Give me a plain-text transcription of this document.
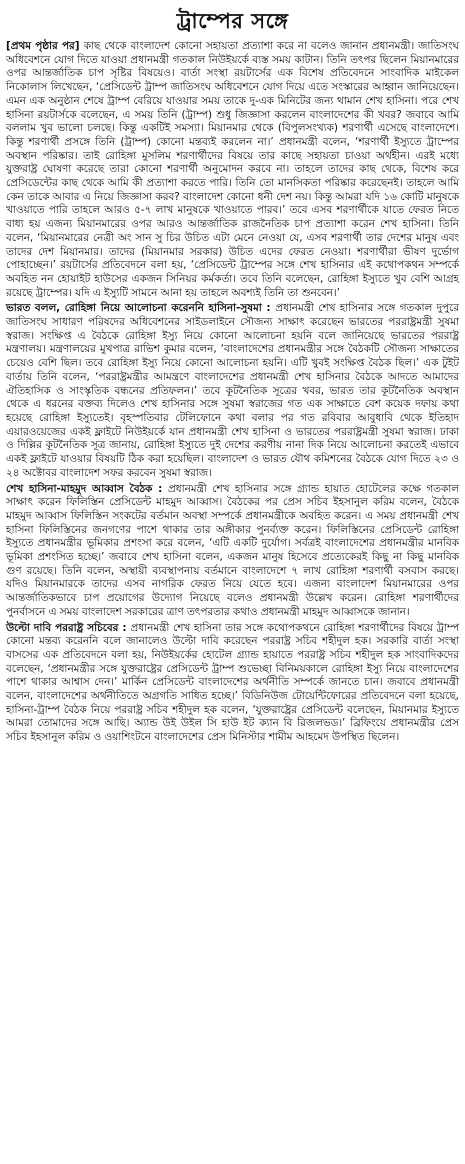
ট্রাম্পের সঙ্গে

[প্রথম পৃষ্ঠার পর] কাছ থেকে বাংলাদেশ কোনো সহায়তা প্রত্যাশা করে না বলেও জানান প্রধানমন্ত্রী। জাতিসংঘ অধিবেশনে যোগ দিতে যাওয়া প্রধানমন্ত্রী গতকাল নিউইয়র্কে ব্যস্ত সময় কাটান। তিনি তৎপর ছিলেন মিয়ানমারের ওপর আন্তর্জাতিক চাপ সৃষ্টির বিষয়েও। বার্তা সংস্থা রয়টার্সের এক বিশেষ প্রতিবেদনে সাংবাদিক মাইকেল নিকোলাস লিখেছেন, ‘প্রেসিডেন্ট ট্রাম্প জাতিসংঘ অধিবেশনে যোগ দিয়ে এতে সংস্কারের আহ্বান জানিয়েছেন। এমন এক অনুষ্ঠান শেষে ট্রাম্প বেরিয়ে যাওয়ার সময় তাকে দু-এক মিনিটের জন্য থামান শেখ হাসিনা। পরে শেখ হাসিনা রয়টার্সকে বলেছেন, এ সময় তিনি (ট্রাম্প) শুধু জিজ্ঞাসা করলেন বাংলাদেশের কী খবর? জবাবে আমি বললাম খুব ভালো চলছে। কিন্তু একটিই সমস্যা। মিয়ানমার থেকে (বিপুলসংখ্যক) শরণার্থী এসেছে বাংলাদেশে। কিন্তু শরণার্থী প্রসঙ্গে তিনি (ট্রাম্প) কোনো মন্তব্যই করলেন না।’ প্রধানমন্ত্রী বলেন, ‘শরণার্থী ইস্যুতে ট্রাম্পের অবস্থান পরিষ্কার। তাই রোহিঙ্গা মুসলিম শরণার্থীদের বিষয়ে তার কাছে সহায়তা চাওয়া অর্থহীন। এরই মধ্যে যুক্তরাষ্ট্র ঘোষণা করেছে তারা কোনো শরণার্থী অনুমোদন করবে না। তাহলে তাদের কাছ থেকে, বিশেষ করে প্রেসিডেন্টের কাছ থেকে আমি কী প্রত্যাশা করতে পারি। তিনি তো মানসিকতা পরিষ্কার করেছেনই। তাহলে আমি কেন তাকে আবার এ নিয়ে জিজ্ঞাসা করব? বাংলাদেশ কোনো ধনী দেশ নয়। কিন্তু আমরা যদি ১৬ কোটি মানুষকে খাওয়াতে পারি তাহলে আরও ৫-৭ লাখ মানুষকে খাওয়াতে পারব।’ তবে এসব শরণার্থীকে যাতে ফেরত নিতে বাধ্য হয় এজন্য মিয়ানমারের ওপর আরও আন্তর্জাতিক রাজনৈতিক চাপ প্রত্যাশা করেন শেখ হাসিনা। তিনি বলেন, ‘মিয়ানমারের নেত্রী অং সান সু চির উচিত এটা মেনে নেওয়া যে, এসব শরণার্থী তার দেশের মানুষ এবং তাদের দেশ মিয়ানমার। তাদের (মিয়ানমার সরকার) উচিত এদের ফেরত নেওয়া। শরণার্থীরা ভীষণ দুর্ভোগ পোহাচ্ছেন।’ রয়টার্সের প্রতিবেদনে বলা হয়, ‘প্রেসিডেন্ট ট্রাম্পের সঙ্গে শেখ হাসিনার এই কথোপকথন সম্পর্কে অবহিত নন হোয়াইট হাউসের একজন সিনিয়র কর্মকর্তা। তবে তিনি বলেছেন, রোহিঙ্গা ইস্যুতে খুব বেশি আগ্রহ রয়েছে ট্রাম্পের। যদি এ ইস্যুটি সামনে আনা হয় তাহলে অবশ্যই তিনি তা শুনবেন।’

ভারত বলল, রোহিঙ্গা নিয়ে আলোচনা করেননি হাসিনা-সুষমা : প্রধানমন্ত্রী শেখ হাসিনার সঙ্গে গতকাল দুপুরে জাতিসংঘ সাধারণ পরিষদের অধিবেশনের সাইডলাইনে সৌজন্য সাক্ষাৎ করেছেন ভারতের পররাষ্ট্রমন্ত্রী সুষমা স্বরাজ। সংক্ষিপ্ত এ বৈঠকে রোহিঙ্গা ইস্যু নিয়ে কোনো আলোচনা হয়নি বলে জানিয়েছে ভারতের পররাষ্ট্র মন্ত্রণালয়। মন্ত্রণালয়ের মুখপাত্র রাভিশ কুমার বলেন, ‘বাংলাদেশের প্রধানমন্ত্রীর সঙ্গে বৈঠকটি সৌজন্য সাক্ষাতের চেয়েও বেশি ছিল। তবে রোহিঙ্গা ইস্যু নিয়ে কোনো আলোচনা হয়নি। এটি খুবই সংক্ষিপ্ত বৈঠক ছিল।’ এক টুইট বার্তায় তিনি বলেন, ‘পররাষ্ট্রমন্ত্রীর আমন্ত্রণে বাংলাদেশের প্রধানমন্ত্রী শেখ হাসিনার বৈঠকে আদতে আমাদের ঐতিহাসিক ও সাংস্কৃতিক বন্ধনের প্রতিফলন।’ তবে কূটনৈতিক সূত্রের খবর, ভারত তার কূটনৈতিক অবস্থান থেকে এ ধরনের বক্তব্য দিলেও শেখ হাসিনার সঙ্গে সুষমা স্বরাজের গত এক সাক্ষাতে বেশ কয়েক দফায় কথা হয়েছে রোহিঙ্গা ইস্যুতেই। বৃহস্পতিবার টেলিফোনে কথা বলার পর গত রবিবার আবুধাবি থেকে ইতিহাদ এয়ারওয়েজের একই ফ্লাইটে নিউইয়র্কে যান প্রধানমন্ত্রী শেখ হাসিনা ও ভারতের পররাষ্ট্রমন্ত্রী সুষমা স্বরাজ। ঢাকা ও দিল্লির কূটনৈতিক সূত্র জানায়, রোহিঙ্গা ইস্যুতে দুই দেশের করণীয় নানা দিক নিয়ে আলোচনা করতেই এভাবে একই ফ্লাইটে যাওয়ার বিষয়টি ঠিক করা হয়েছিল। বাংলাদেশ ও ভারত যৌথ কমিশনের বৈঠকে যোগ দিতে ২৩ ও ২৪ অক্টোবর বাংলাদেশ সফর করবেন সুষমা স্বরাজ।

শেখ হাসিনা-মাহমুদ আব্বাস বৈঠক : প্রধানমন্ত্রী শেখ হাসিনার সঙ্গে গ্র্যান্ড হায়াত হোটেলের কক্ষে গতকাল সাক্ষাৎ করেন ফিলিস্তিন প্রেসিডেন্ট মাহমুদ আব্বাস। বৈঠকের পর প্রেস সচিব ইহসানুল করিম বলেন, বৈঠকে মাহমুদ আব্বাস ফিলিস্তিন সংকটের বর্তমান অবস্থা সম্পর্কে প্রধানমন্ত্রীকে অবহিত করেন। এ সময় প্রধানমন্ত্রী শেখ হাসিনা ফিলিস্তিনের জনগণের পাশে থাকার তার অঙ্গীকার পুনর্ব্যক্ত করেন। ফিলিস্তিনের প্রেসিডেন্ট রোহিঙ্গা ইস্যুতে প্রধানমন্ত্রীর ভূমিকার প্রশংসা করে বলেন, ‘এটি একটি দুর্যোগ। সর্বত্রই বাংলাদেশের প্রধানমন্ত্রীর মানবিক ভূমিকা প্রশংসিত হচ্ছে।’ জবাবে শেখ হাসিনা বলেন, একজন মানুষ হিসেবে প্রত্যেকেরই কিছু না কিছু মানবিক গুণ রয়েছে। তিনি বলেন, অস্থায়ী ব্যবস্থাপনায় বর্তমানে বাংলাদেশে ৭ লাখ রোহিঙ্গা শরণার্থী বসবাস করছে। যদিও মিয়ানমারকে তাদের এসব নাগরিক ফেরত নিয়ে যেতে হবে। এজন্য বাংলাদেশ মিয়ানমারের ওপর আন্তর্জাতিকভাবে চাপ প্রয়োগের উদ্যোগ নিয়েছে বলেও প্রধানমন্ত্রী উল্লেখ করেন। রোহিঙ্গা শরণার্থীদের পুনর্বাসনে এ সময় বাংলাদেশ সরকারের ত্রাণ তৎপরতার কথাও প্রধানমন্ত্রী মাহমুদ আব্বাসকে জানান।

উল্টো দাবি পররাষ্ট্র সচিবের : প্রধানমন্ত্রী শেখ হাসিনা তার সঙ্গে কথোপকথনে রোহিঙ্গা শরণার্থীদের বিষয়ে ট্রাম্প কোনো মন্তব্য করেননি বলে জানালেও উল্টো দাবি করেছেন পররাষ্ট্র সচিব শহীদুল হক। সরকারি বার্তা সংস্থা বাসসের এক প্রতিবেদনে বলা হয়, নিউইয়র্কের হোটেল গ্র্যান্ড হায়াতে পররাষ্ট্র সচিব শহীদুল হক সাংবাদিকদের বলেছেন, ‘প্রধানমন্ত্রীর সঙ্গে যুক্তরাষ্ট্রের প্রেসিডেন্ট ট্রাম্প শুভেচ্ছা বিনিময়কালে রোহিঙ্গা ইস্যু নিয়ে বাংলাদেশের পাশে থাকার আশ্বাস দেন।’ মার্কিন প্রেসিডেন্ট বাংলাদেশের অর্থনীতি সম্পর্কে জানতে চান। জবাবে প্রধানমন্ত্রী বলেন, বাংলাদেশের অর্থনীতিতে অগ্রগতি সাধিত হচ্ছে।’ বিডিনিউজ টোয়েন্টিফোরের প্রতিবেদনে বলা হয়েছে, হাসিনা-ট্রাম্প বৈঠক নিয়ে পররাষ্ট্র সচিব শহীদুল হক বলেন, ‘যুক্তরাষ্ট্রের প্রেসিডেন্ট বলেছেন, মিয়ানমার ইস্যুতে আমরা তোমাদের সঙ্গে আছি। অ্যান্ড উই উইল সি হাউ ইট ক্যান বি রিজলভড।’ ব্রিফিংয়ে প্রধানমন্ত্রীর প্রেস সচিব ইহসানুল করিম ও ওয়াশিংটনে বাংলাদেশের প্রেস মিনিস্টার শামীম আহমেদ উপস্থিত ছিলেন।
